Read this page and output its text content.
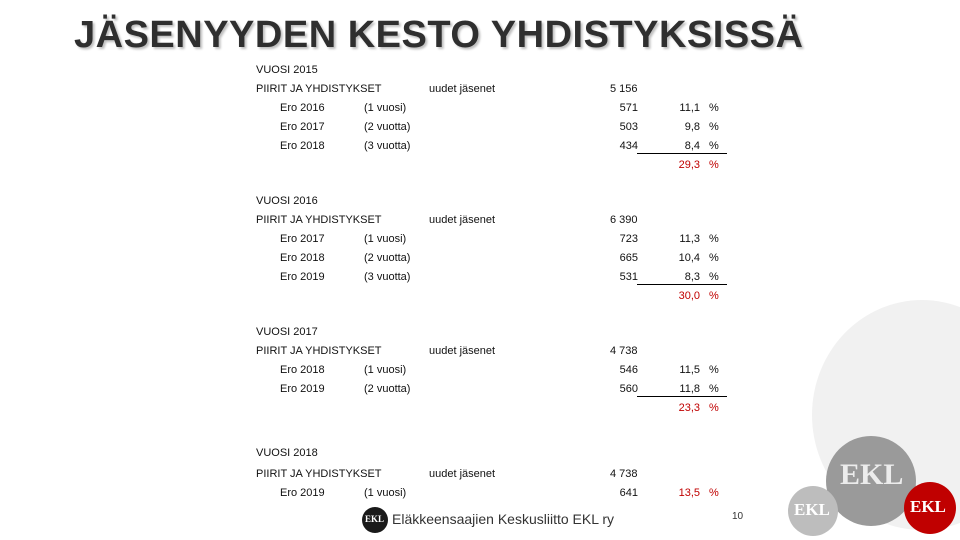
EKL
EKL	EKL
JÄSENYYDEN KESTO YHDISTYKSISSÄ
VUOSI 2015
PIIRIT JA YHDISTYKSET	uudet jäsenet	5 156
Ero 2016	(1 vuosi)	571	11,1 %
Ero 2017	(2 vuotta)	503	9,8 %
Ero 2018	(3 vuotta)	434	8,4 %
29,3 %
VUOSI 2016
PIIRIT JA YHDISTYKSET	uudet jäsenet	6 390
Ero 2017	(1 vuosi)	723	11,3 %
Ero 2018	(2 vuotta)	665	10,4 %
Ero 2019	(3 vuotta)	531	8,3 %
30,0 %
VUOSI 2017
PIIRIT JA YHDISTYKSET	uudet jäsenet	4 738
Ero 2018	(1 vuosi)	546	11,5 %
Ero 2019	(2 vuotta)	560	11,8 %
23,3 %
VUOSI 2018
PIIRIT JA YHDISTYKSET	uudet jäsenet	4 738
Ero 2019	(1 vuosi)	641	13,5 %
EKL Eläkkeensaajien Keskusliitto EKL ry	10
